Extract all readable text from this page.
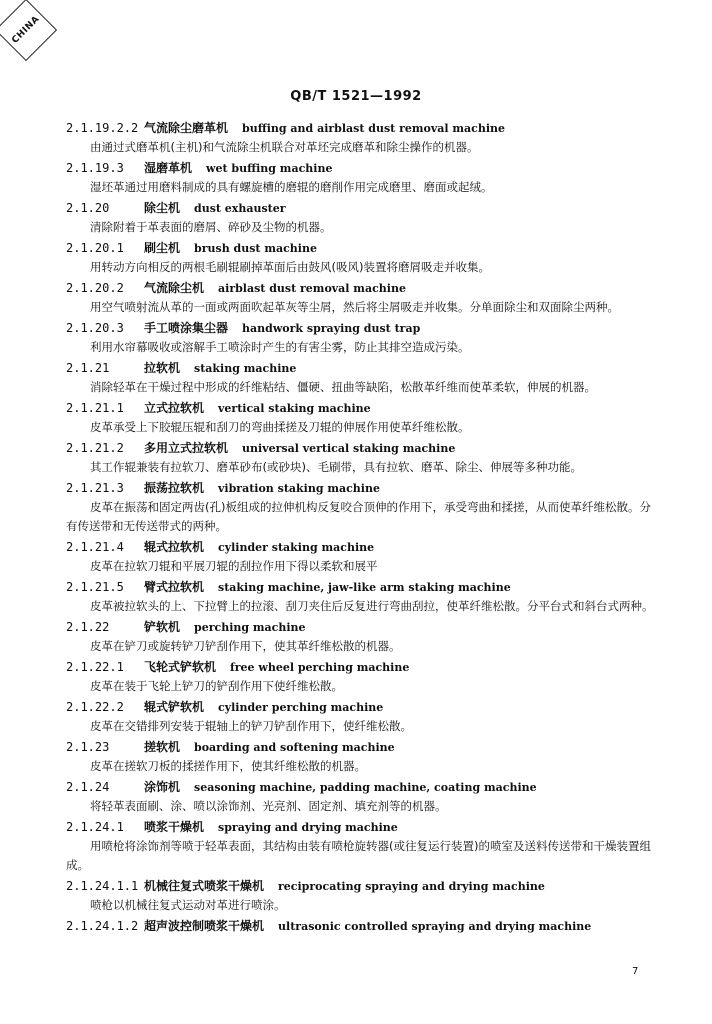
CHINA
QB/T 1521—1992
2.1.19.2.2 气流除尘磨革机 buffing and airblast dust removal machine
由通过式磨革机(主机)和气流除尘机联合对革坯完成磨革和除尘操作的机器。
2.1.19.3 湿磨革机 wet buffing machine
湿坯革通过用磨料制成的具有螺旋槽的磨辊的磨削作用完成磨里、磨面或起绒。
2.1.20	除尘机 dust exhauster
清除附着于革表面的磨屑、碎砂及尘物的机器。
2.1.20.1 刷尘机 brush dust machine
用转动方向相反的两根毛刷辊刷掉革面后由鼓风(吸风)装置将磨屑吸走并收集。
2.1.20.2 气流除尘机 airblast dust removal machine
用空气喷射流从革的一面或两面吹起革灰等尘屑，然后将尘屑吸走并收集。分单面除尘和双面除尘两种。
2.1.20.3 手工喷涂集尘器 handwork spraying dust trap
利用水帘幕吸收或溶解手工喷涂时产生的有害尘雾，防止其排空造成污染。
2.1.21	拉软机 staking machine
消除轻革在干燥过程中形成的纤维粘结、僵硬、扭曲等缺陷，松散革纤维而使革柔软，伸展的机器。
2.1.21.1 立式拉软机 vertical staking machine
皮革承受上下胶辊压辊和刮刀的弯曲揉搓及刀辊的伸展作用使革纤维松散。
2.1.21.2 多用立式拉软机 universal vertical staking machine
其工作辊兼装有拉软刀、磨革砂布(或砂块)、毛刷带，具有拉软、磨革、除尘、伸展等多种功能。
2.1.21.3 振荡拉软机 vibration staking machine
皮革在振荡和固定两齿(孔)板组成的拉伸机构反复咬合顶伸的作用下，承受弯曲和揉搓，从而使革纤维松散。分有传送带和无传送带式的两种。
2.1.21.4 辊式拉软机 cylinder staking machine
皮革在拉软刀辊和平展刀辊的刮拉作用下得以柔软和展平
2.1.21.5 臂式拉软机 staking machine, jaw-like arm staking machine
皮革被拉软头的上、下拉臂上的拉滚、刮刀夹住后反复进行弯曲刮拉，使革纤维松散。分平台式和斜台式两种。
2.1.22	铲软机 perching machine
皮革在铲刀或旋转铲刀铲刮作用下，使其革纤维松散的机器。
2.1.22.1 飞轮式铲软机 free wheel perching machine
皮革在装于飞轮上铲刀的铲刮作用下使纤维松散。
2.1.22.2 辊式铲软机 cylinder perching machine
皮革在交错排列安装于辊轴上的铲刀铲刮作用下，使纤维松散。
2.1.23	搓软机 boarding and softening machine
皮革在搓软刀板的揉搓作用下，使其纤维松散的机器。
2.1.24	涂饰机 seasoning machine, padding machine, coating machine
将轻革表面刷、涂、喷以涂饰剂、光亮剂、固定剂、填充剂等的机器。
2.1.24.1 喷浆干燥机 spraying and drying machine
用喷枪将涂饰剂等喷于轻革表面，其结构由装有喷枪旋转器(或往复运行装置)的喷室及送料传送带和干燥装置组成。
2.1.24.1.1 机械往复式喷浆干燥机 reciprocating spraying and drying machine
喷枪以机械往复式运动对革进行喷涂。
2.1.24.1.2 超声波控制喷浆干燥机 ultrasonic controlled spraying and drying machine
7
